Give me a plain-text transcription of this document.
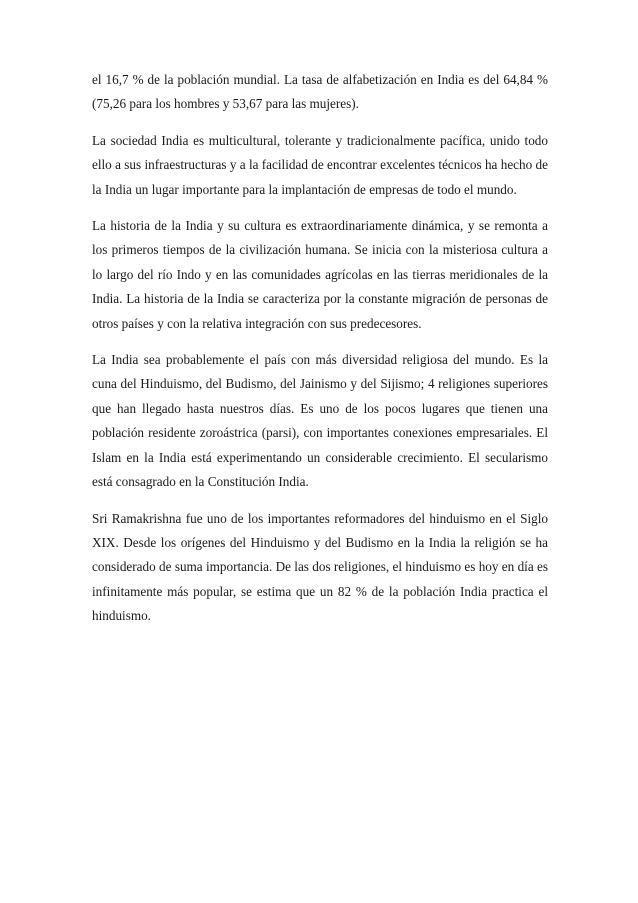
el 16,7 % de la población mundial. La tasa de alfabetización en India es del 64,84 % (75,26 para los hombres y 53,67 para las mujeres).

La sociedad India es multicultural, tolerante y tradicionalmente pacífica, unido todo ello a sus infraestructuras y a la facilidad de encontrar excelentes técnicos ha hecho de la India un lugar importante para la implantación de empresas de todo el mundo.

La historia de la India y su cultura es extraordinariamente dinámica, y se remonta a los primeros tiempos de la civilización humana. Se inicia con la misteriosa cultura a lo largo del río Indo y en las comunidades agrícolas en las tierras meridionales de la India. La historia de la India se caracteriza por la constante migración de personas de otros países y con la relativa integración con sus predecesores.

La India sea probablemente el país con más diversidad religiosa del mundo. Es la cuna del Hinduismo, del Budismo, del Jainismo y del Sijismo; 4 religiones superiores que han llegado hasta nuestros días. Es uno de los pocos lugares que tienen una población residente zoroástrica (parsi), con importantes conexiones empresariales. El Islam en la India está experimentando un considerable crecimiento. El secularismo está consagrado en la Constitución India.

Sri Ramakrishna fue uno de los importantes reformadores del hinduismo en el Siglo XIX. Desde los orígenes del Hinduismo y del Budismo en la India la religión se ha considerado de suma importancia. De las dos religiones, el hinduismo es hoy en día es infinitamente más popular, se estima que un 82 % de la población India practica el hinduismo.
